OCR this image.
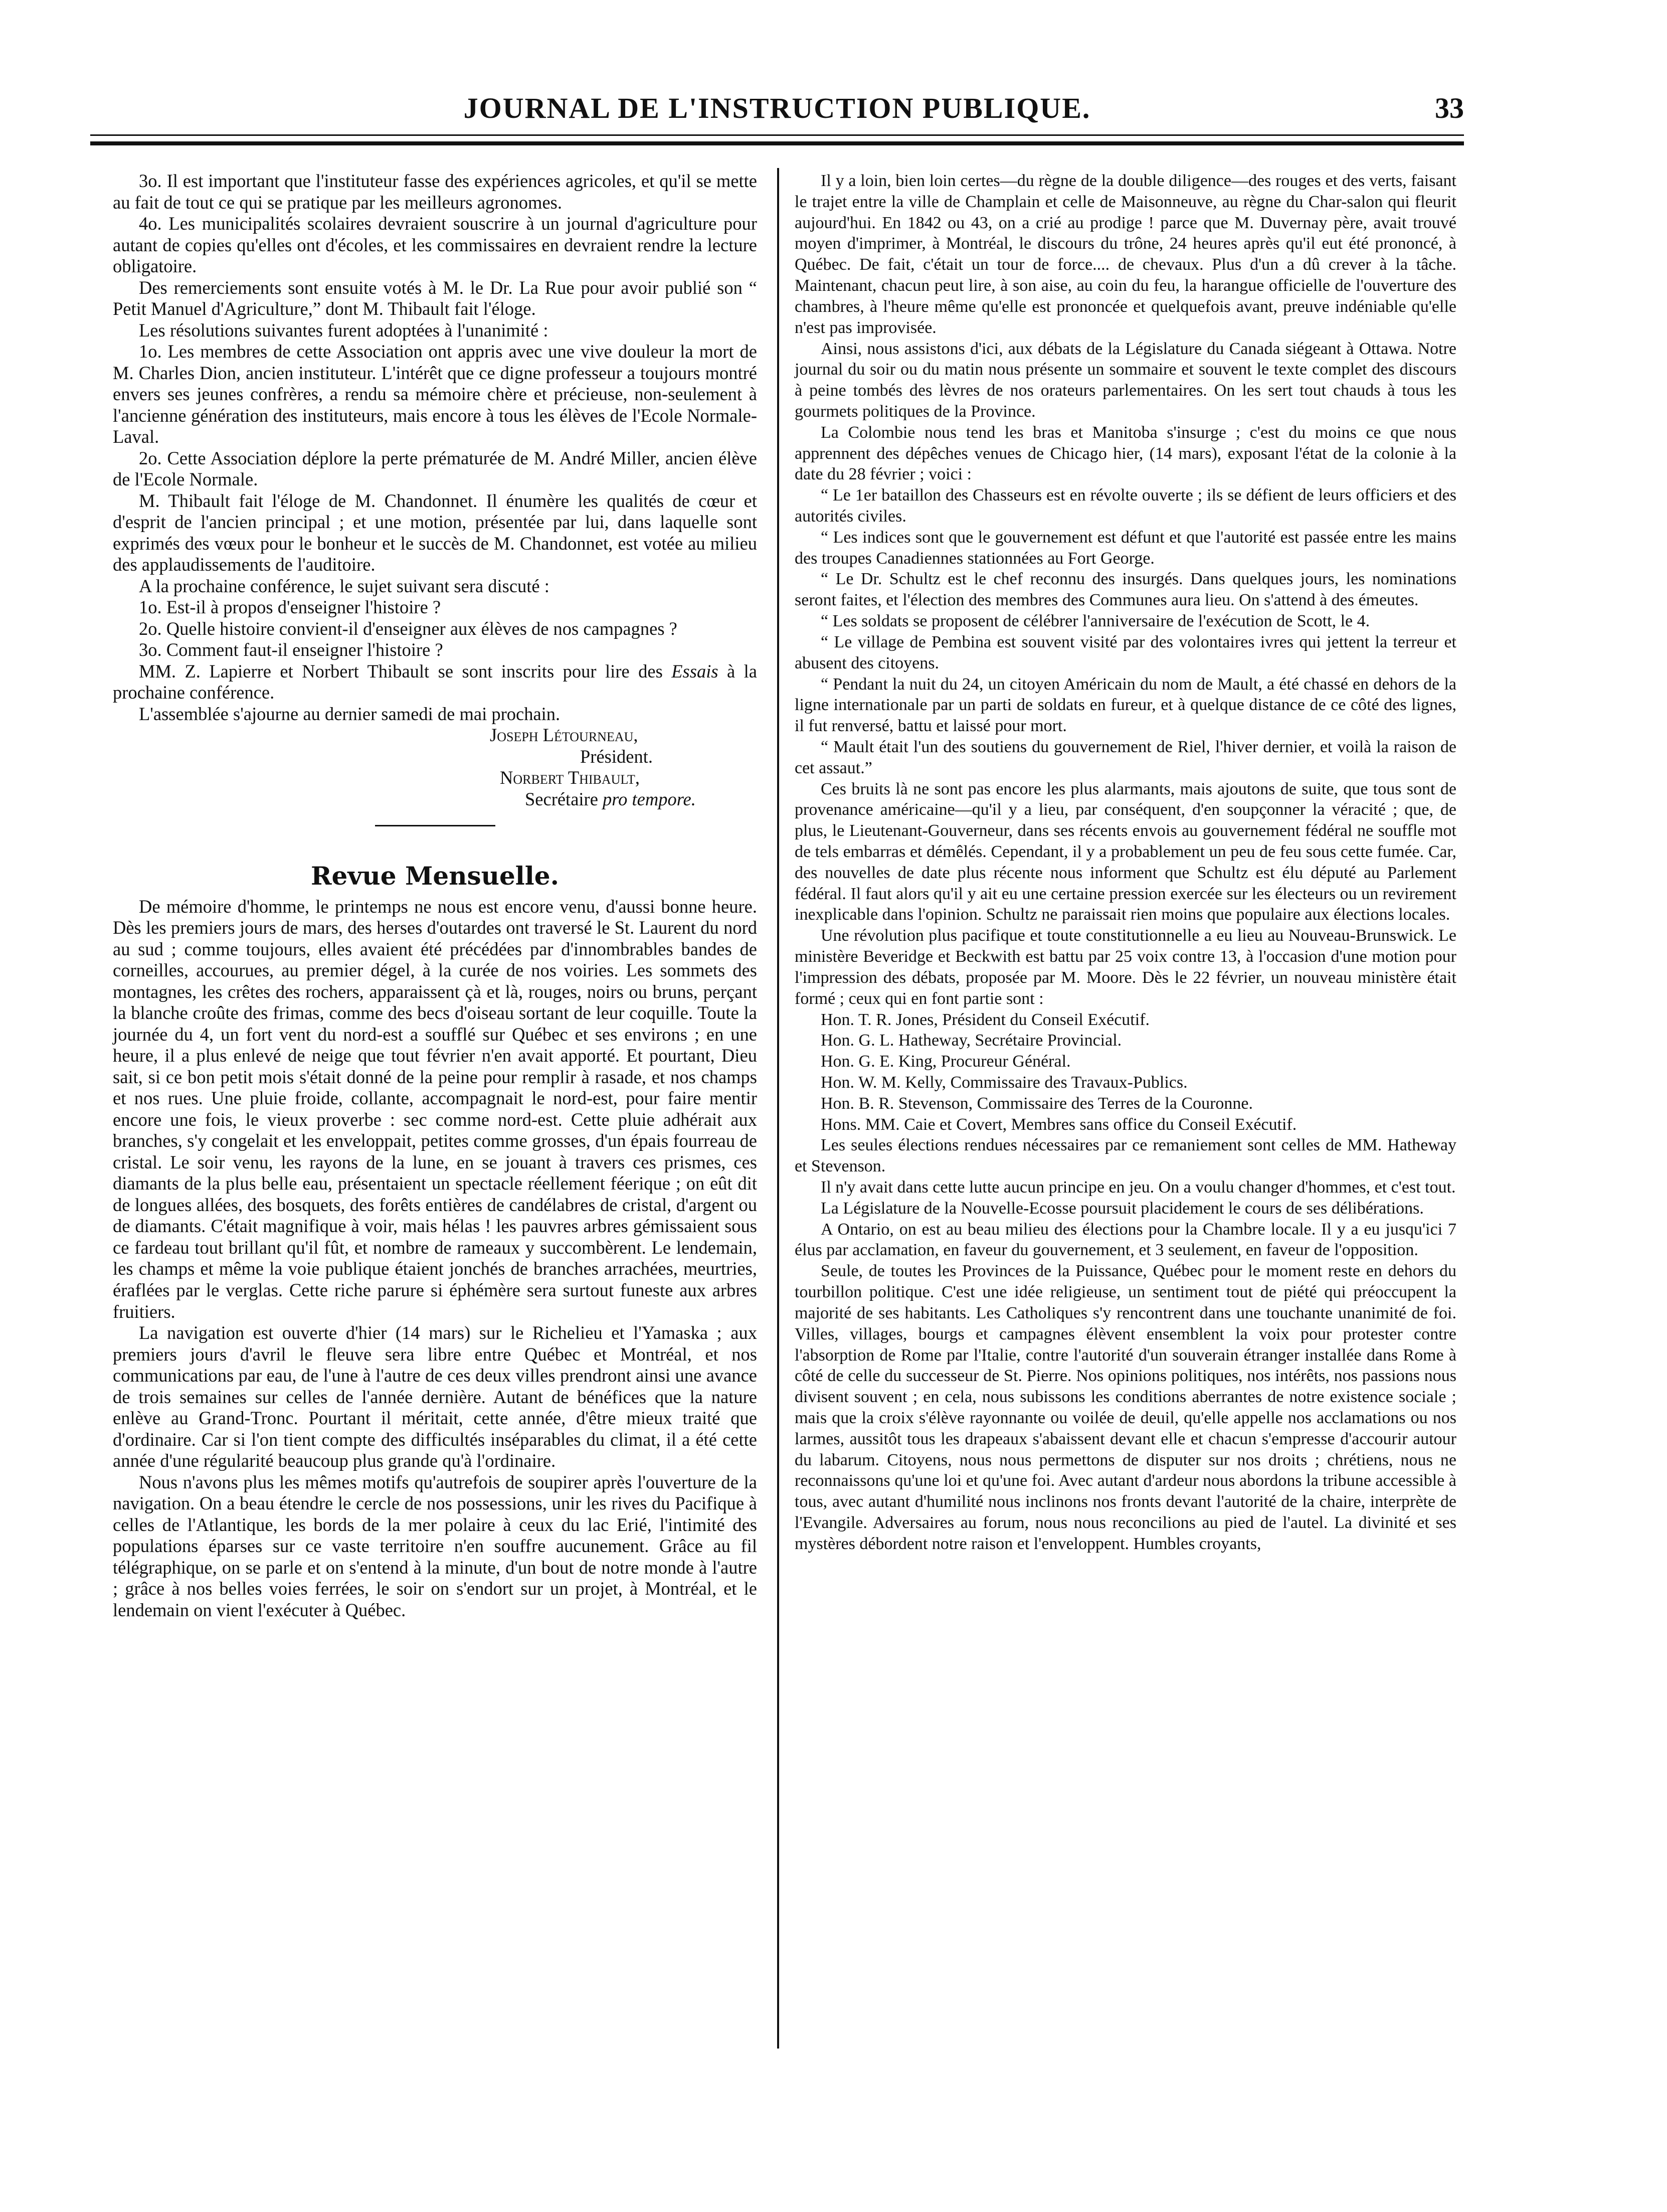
JOURNAL DE L'INSTRUCTION PUBLIQUE.	33

3o. Il est important que l'instituteur fasse des expériences agricoles, et qu'il se mette au fait de tout ce qui se pratique par les meilleurs agronomes.

4o. Les municipalités scolaires devraient souscrire à un journal d'agriculture pour autant de copies qu'elles ont d'écoles, et les commissaires en devraient rendre la lecture obligatoire.

Des remerciements sont ensuite votés à M. le Dr. La Rue pour avoir publié son “ Petit Manuel d'Agriculture,” dont M. Thibault fait l'éloge.

Les résolutions suivantes furent adoptées à l'unanimité :

1o. Les membres de cette Association ont appris avec une vive douleur la mort de M. Charles Dion, ancien instituteur. L'intérêt que ce digne professeur a toujours montré envers ses jeunes confrères, a rendu sa mémoire chère et précieuse, non-seulement à l'ancienne génération des instituteurs, mais encore à tous les élèves de l'Ecole Normale-Laval.

2o. Cette Association déplore la perte prématurée de M. André Miller, ancien élève de l'Ecole Normale.

M. Thibault fait l'éloge de M. Chandonnet. Il énumère les qualités de cœur et d'esprit de l'ancien principal ; et une motion, présentée par lui, dans laquelle sont exprimés des vœux pour le bonheur et le succès de M. Chandonnet, est votée au milieu des applaudissements de l'auditoire.

A la prochaine conférence, le sujet suivant sera discuté :

1o. Est-il à propos d'enseigner l'histoire ?

2o. Quelle histoire convient-il d'enseigner aux élèves de nos campagnes ?

3o. Comment faut-il enseigner l'histoire ?

MM. Z. Lapierre et Norbert Thibault se sont inscrits pour lire des Essais à la prochaine conférence.

L'assemblée s'ajourne au dernier samedi de mai prochain.

Joseph Létourneau,

Président.

Norbert Thibault,

Secrétaire pro tempore.

Revue Mensuelle.

De mémoire d'homme, le printemps ne nous est encore venu, d'aussi bonne heure. Dès les premiers jours de mars, des herses d'outardes ont traversé le St. Laurent du nord au sud ; comme toujours, elles avaient été précédées par d'innombrables bandes de corneilles, accourues, au premier dégel, à la curée de nos voiries. Les sommets des montagnes, les crêtes des rochers, apparaissent çà et là, rouges, noirs ou bruns, perçant la blanche croûte des frimas, comme des becs d'oiseau sortant de leur coquille. Toute la journée du 4, un fort vent du nord-est a soufflé sur Québec et ses environs ; en une heure, il a plus enlevé de neige que tout février n'en avait apporté. Et pourtant, Dieu sait, si ce bon petit mois s'était donné de la peine pour remplir à rasade, et nos champs et nos rues. Une pluie froide, collante, accompagnait le nord-est, pour faire mentir encore une fois, le vieux proverbe : sec comme nord-est. Cette pluie adhérait aux branches, s'y congelait et les enveloppait, petites comme grosses, d'un épais fourreau de cristal. Le soir venu, les rayons de la lune, en se jouant à travers ces prismes, ces diamants de la plus belle eau, présentaient un spectacle réellement féerique ; on eût dit de longues allées, des bosquets, des forêts entières de candélabres de cristal, d'argent ou de diamants. C'était magnifique à voir, mais hélas ! les pauvres arbres gémissaient sous ce fardeau tout brillant qu'il fût, et nombre de rameaux y succombèrent. Le lendemain, les champs et même la voie publique étaient jonchés de branches arrachées, meurtries, éraflées par le verglas. Cette riche parure si éphémère sera surtout funeste aux arbres fruitiers.

La navigation est ouverte d'hier (14 mars) sur le Richelieu et l'Yamaska ; aux premiers jours d'avril le fleuve sera libre entre Québec et Montréal, et nos communications par eau, de l'une à l'autre de ces deux villes prendront ainsi une avance de trois semaines sur celles de l'année dernière. Autant de bénéfices que la nature enlève au Grand-Tronc. Pourtant il méritait, cette année, d'être mieux traité que d'ordinaire. Car si l'on tient compte des difficultés inséparables du climat, il a été cette année d'une régularité beaucoup plus grande qu'à l'ordinaire.

Nous n'avons plus les mêmes motifs qu'autrefois de soupirer après l'ouverture de la navigation. On a beau étendre le cercle de nos possessions, unir les rives du Pacifique à celles de l'Atlantique, les bords de la mer polaire à ceux du lac Erié, l'intimité des populations éparses sur ce vaste territoire n'en souffre aucunement. Grâce au fil télégraphique, on se parle et on s'entend à la minute, d'un bout de notre monde à l'autre ; grâce à nos belles voies ferrées, le soir on s'endort sur un projet, à Montréal, et le lendemain on vient l'exécuter à Québec.

Il y a loin, bien loin certes—du règne de la double diligence—des rouges et des verts, faisant le trajet entre la ville de Champlain et celle de Maisonneuve, au règne du Char-salon qui fleurit aujourd'hui. En 1842 ou 43, on a crié au prodige ! parce que M. Duvernay père, avait trouvé moyen d'imprimer, à Montréal, le discours du trône, 24 heures après qu'il eut été prononcé, à Québec. De fait, c'était un tour de force.... de chevaux. Plus d'un a dû crever à la tâche. Maintenant, chacun peut lire, à son aise, au coin du feu, la harangue officielle de l'ouverture des chambres, à l'heure même qu'elle est prononcée et quelquefois avant, preuve indéniable qu'elle n'est pas improvisée.

Ainsi, nous assistons d'ici, aux débats de la Législature du Canada siégeant à Ottawa. Notre journal du soir ou du matin nous présente un sommaire et souvent le texte complet des discours à peine tombés des lèvres de nos orateurs parlementaires. On les sert tout chauds à tous les gourmets politiques de la Province.

La Colombie nous tend les bras et Manitoba s'insurge ; c'est du moins ce que nous apprennent des dépêches venues de Chicago hier, (14 mars), exposant l'état de la colonie à la date du 28 février ; voici :

“ Le 1er bataillon des Chasseurs est en révolte ouverte ; ils se défient de leurs officiers et des autorités civiles.

“ Les indices sont que le gouvernement est défunt et que l'autorité est passée entre les mains des troupes Canadiennes stationnées au Fort George.

“ Le Dr. Schultz est le chef reconnu des insurgés. Dans quelques jours, les nominations seront faites, et l'élection des membres des Communes aura lieu. On s'attend à des émeutes.

“ Les soldats se proposent de célébrer l'anniversaire de l'exécution de Scott, le 4.

“ Le village de Pembina est souvent visité par des volontaires ivres qui jettent la terreur et abusent des citoyens.

“ Pendant la nuit du 24, un citoyen Américain du nom de Mault, a été chassé en dehors de la ligne internationale par un parti de soldats en fureur, et à quelque distance de ce côté des lignes, il fut renversé, battu et laissé pour mort.

“ Mault était l'un des soutiens du gouvernement de Riel, l'hiver dernier, et voilà la raison de cet assaut.”

Ces bruits là ne sont pas encore les plus alarmants, mais ajoutons de suite, que tous sont de provenance américaine—qu'il y a lieu, par conséquent, d'en soupçonner la véracité ; que, de plus, le Lieutenant-Gouverneur, dans ses récents envois au gouvernement fédéral ne souffle mot de tels embarras et démêlés. Cependant, il y a probablement un peu de feu sous cette fumée. Car, des nouvelles de date plus récente nous informent que Schultz est élu député au Parlement fédéral. Il faut alors qu'il y ait eu une certaine pression exercée sur les électeurs ou un revirement inexplicable dans l'opinion. Schultz ne paraissait rien moins que populaire aux élections locales.

Une révolution plus pacifique et toute constitutionnelle a eu lieu au Nouveau-Brunswick. Le ministère Beveridge et Beckwith est battu par 25 voix contre 13, à l'occasion d'une motion pour l'impression des débats, proposée par M. Moore. Dès le 22 février, un nouveau ministère était formé ; ceux qui en font partie sont :

Hon. T. R. Jones, Président du Conseil Exécutif.

Hon. G. L. Hatheway, Secrétaire Provincial.

Hon. G. E. King, Procureur Général.

Hon. W. M. Kelly, Commissaire des Travaux-Publics.

Hon. B. R. Stevenson, Commissaire des Terres de la Couronne.

Hons. MM. Caie et Covert, Membres sans office du Conseil Exécutif.

Les seules élections rendues nécessaires par ce remaniement sont celles de MM. Hatheway et Stevenson.

Il n'y avait dans cette lutte aucun principe en jeu. On a voulu changer d'hommes, et c'est tout.

La Législature de la Nouvelle-Ecosse poursuit placidement le cours de ses délibérations.

A Ontario, on est au beau milieu des élections pour la Chambre locale. Il y a eu jusqu'ici 7 élus par acclamation, en faveur du gouvernement, et 3 seulement, en faveur de l'opposition.

Seule, de toutes les Provinces de la Puissance, Québec pour le moment reste en dehors du tourbillon politique. C'est une idée religieuse, un sentiment tout de piété qui préoccupent la majorité de ses habitants. Les Catholiques s'y rencontrent dans une touchante unanimité de foi. Villes, villages, bourgs et campagnes élèvent ensemblent la voix pour protester contre l'absorption de Rome par l'Italie, contre l'autorité d'un souverain étranger installée dans Rome à côté de celle du successeur de St. Pierre. Nos opinions politiques, nos intérêts, nos passions nous divisent souvent ; en cela, nous subissons les conditions aberrantes de notre existence sociale ; mais que la croix s'élève rayonnante ou voilée de deuil, qu'elle appelle nos acclamations ou nos larmes, aussitôt tous les drapeaux s'abaissent devant elle et chacun s'empresse d'accourir autour du labarum. Citoyens, nous nous permettons de disputer sur nos droits ; chrétiens, nous ne reconnaissons qu'une loi et qu'une foi. Avec autant d'ardeur nous abordons la tribune accessible à tous, avec autant d'humilité nous inclinons nos fronts devant l'autorité de la chaire, interprète de l'Evangile. Adversaires au forum, nous nous reconcilions au pied de l'autel. La divinité et ses mystères débordent notre raison et l'enveloppent. Humbles croyants,
